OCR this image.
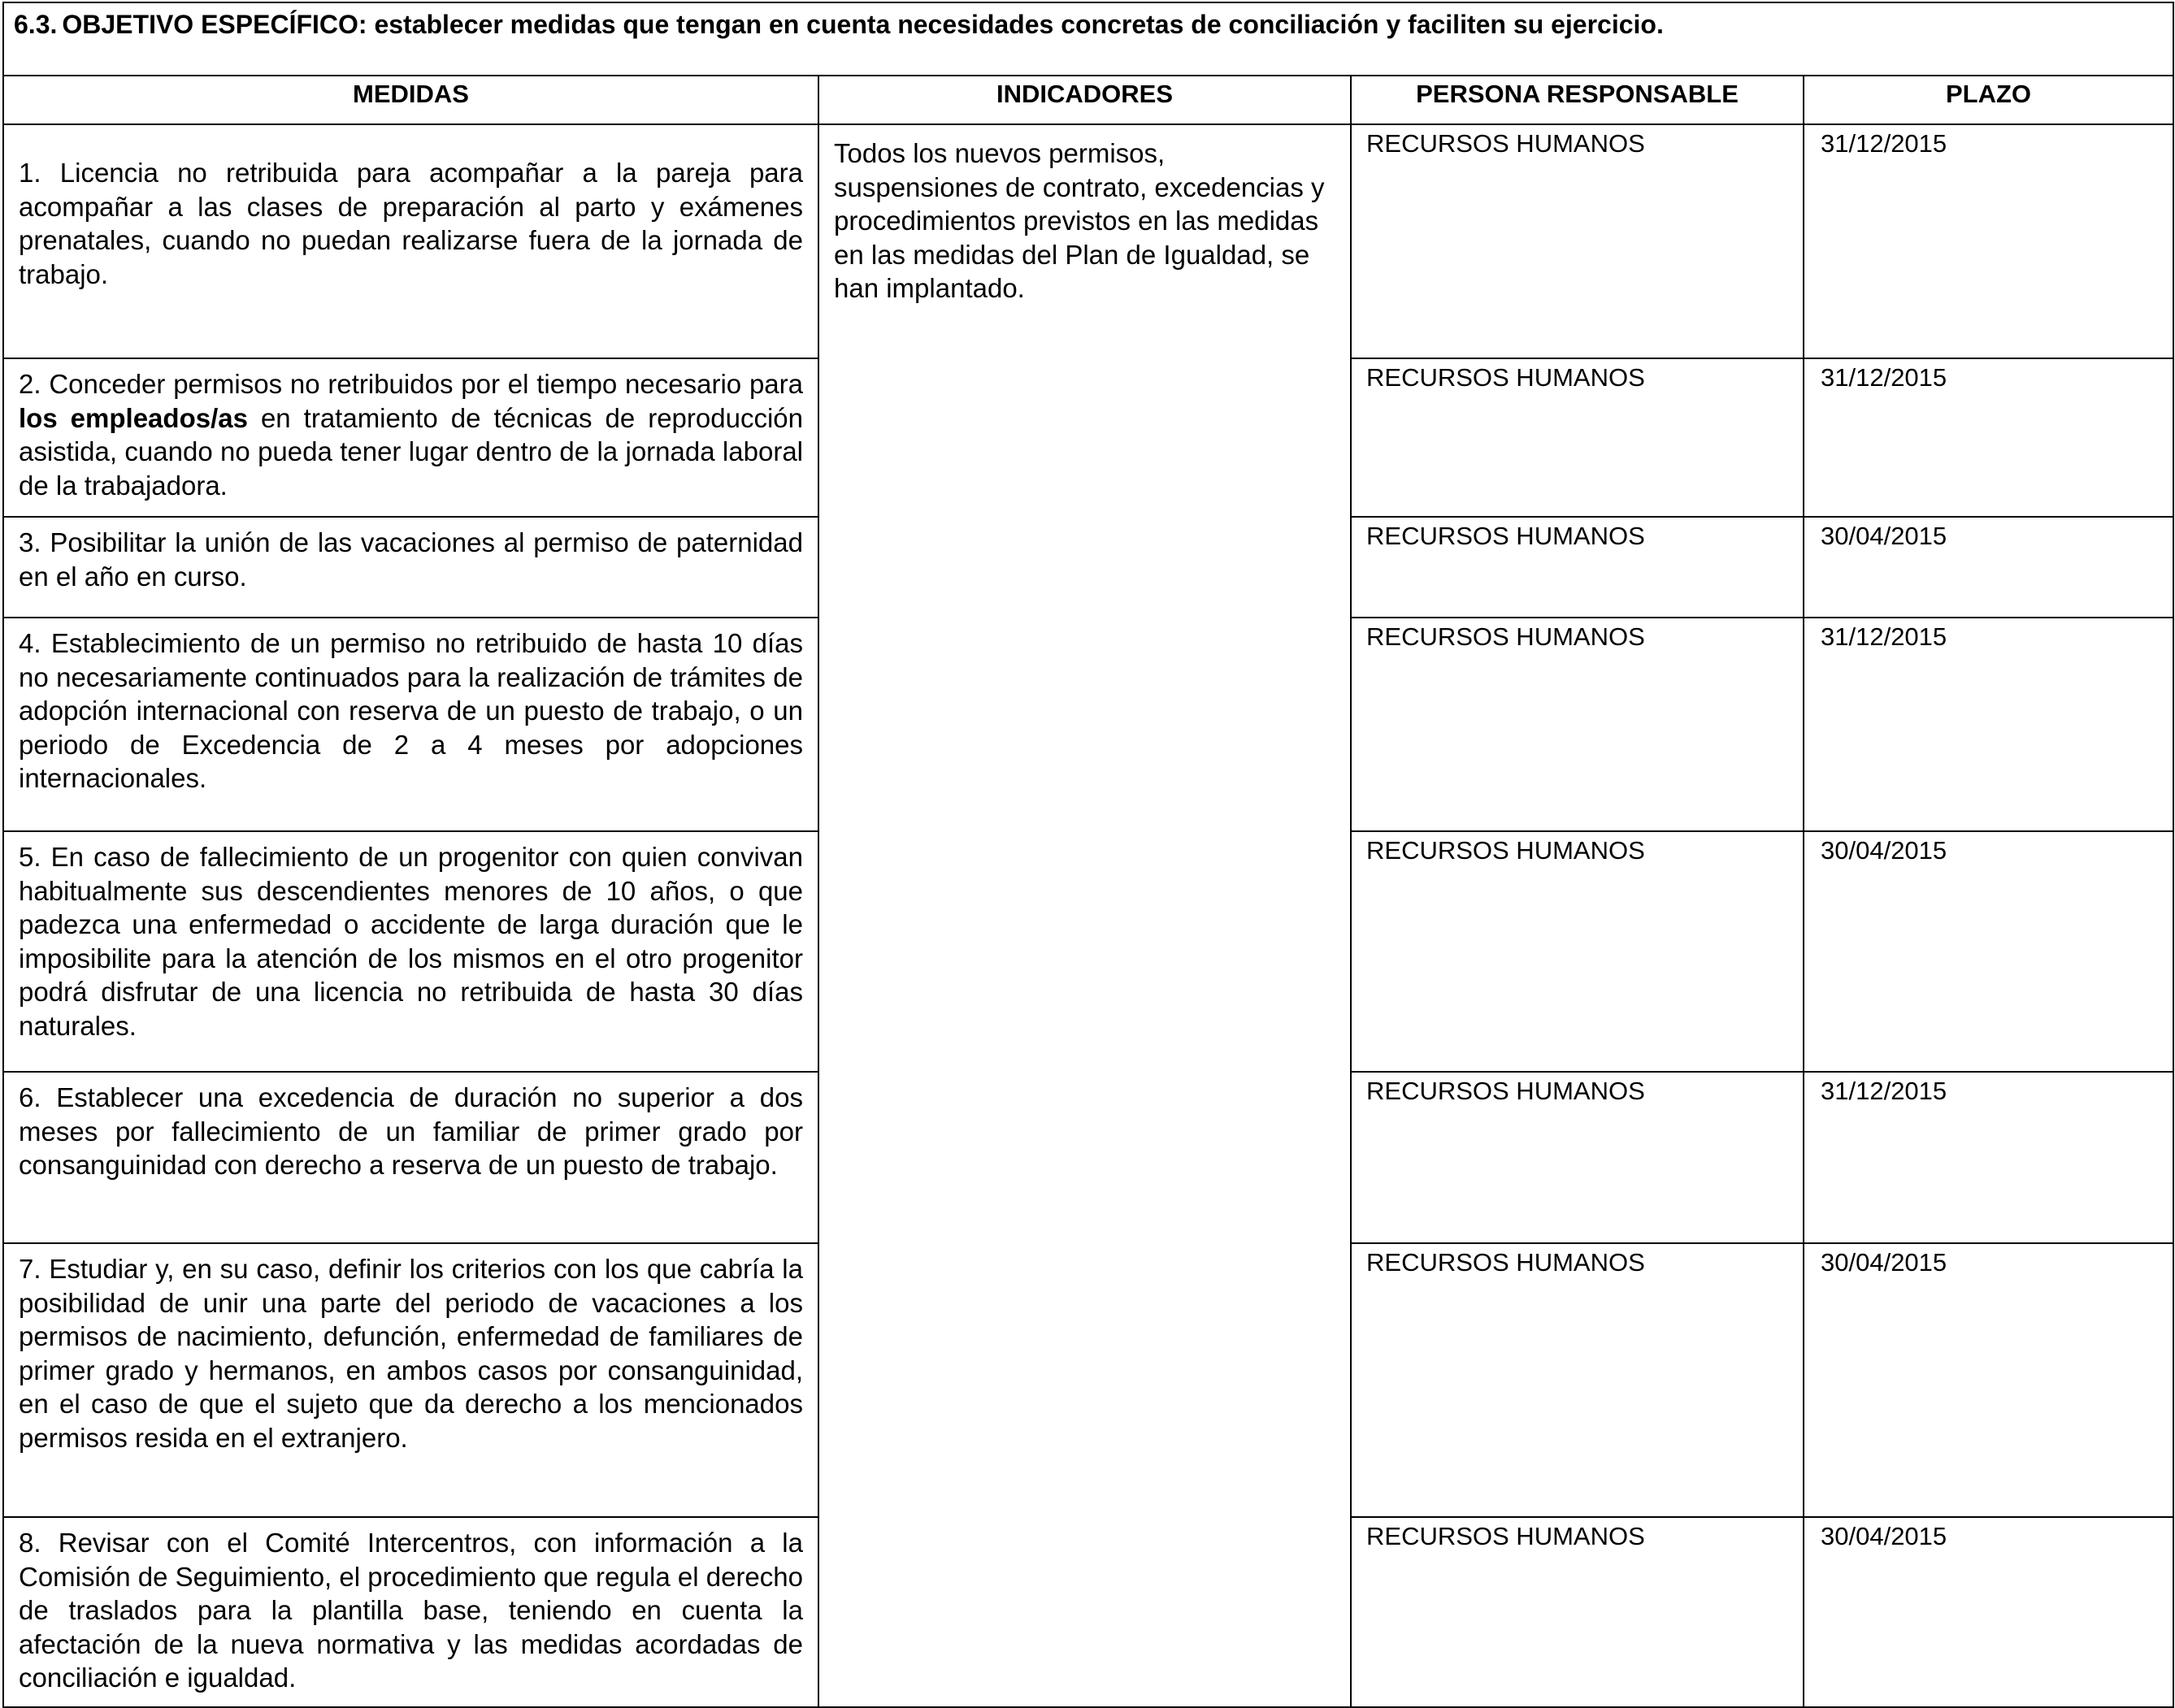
6.3. OBJETIVO ESPECÍFICO: establecer medidas que tengan en cuenta necesidades concretas de conciliación y faciliten su ejercicio.			
MEDIDAS	INDICADORES	PERSONA RESPONSABLE	PLAZO

1. Licencia no retribuida para acompañar a la pareja para acompañar a las clases de preparación al parto y exámenes prenatales, cuando no puedan realizarse fuera de la jornada de trabajo.	Todos los nuevos permisos, suspensiones de contrato, excedencias y procedimientos previstos en las medidas en las medidas del Plan de Igualdad, se han implantado.	RECURSOS HUMANOS	31/12/2015

2. Conceder permisos no retribuidos por el tiempo necesario para los empleados/as en tratamiento de técnicas de reproducción asistida, cuando no pueda tener lugar dentro de la jornada laboral de la trabajadora.		RECURSOS HUMANOS	31/12/2015

3. Posibilitar la unión de las vacaciones al permiso de paternidad en el año en curso.		RECURSOS HUMANOS	30/04/2015

4. Establecimiento de un permiso no retribuido de hasta 10 días no necesariamente continuados para la realización de trámites de adopción internacional con reserva de un puesto de trabajo, o un periodo de Excedencia de 2 a 4 meses por adopciones internacionales.		RECURSOS HUMANOS	31/12/2015

5. En caso de fallecimiento de un progenitor con quien convivan habitualmente sus descendientes menores de 10 años, o que padezca una enfermedad o accidente de larga duración que le imposibilite para la atención de los mismos en el otro progenitor podrá disfrutar de una licencia no retribuida de hasta 30 días naturales.		RECURSOS HUMANOS	30/04/2015

6. Establecer una excedencia de duración no superior a dos meses por fallecimiento de un familiar de primer grado por consanguinidad con derecho a reserva de un puesto de trabajo.		RECURSOS HUMANOS	31/12/2015

7. Estudiar y, en su caso, definir los criterios con los que cabría la posibilidad de unir una parte del periodo de vacaciones a los permisos de nacimiento, defunción, enfermedad de familiares de primer grado y hermanos, en ambos casos por consanguinidad, en el caso de que el sujeto que da derecho a los mencionados permisos resida en el extranjero.		RECURSOS HUMANOS	30/04/2015

8. Revisar con el Comité Intercentros, con información a la Comisión de Seguimiento, el procedimiento que regula el derecho de traslados para la plantilla base, teniendo en cuenta la afectación de la nueva normativa y las medidas acordadas de conciliación e igualdad.		RECURSOS HUMANOS	30/04/2015
